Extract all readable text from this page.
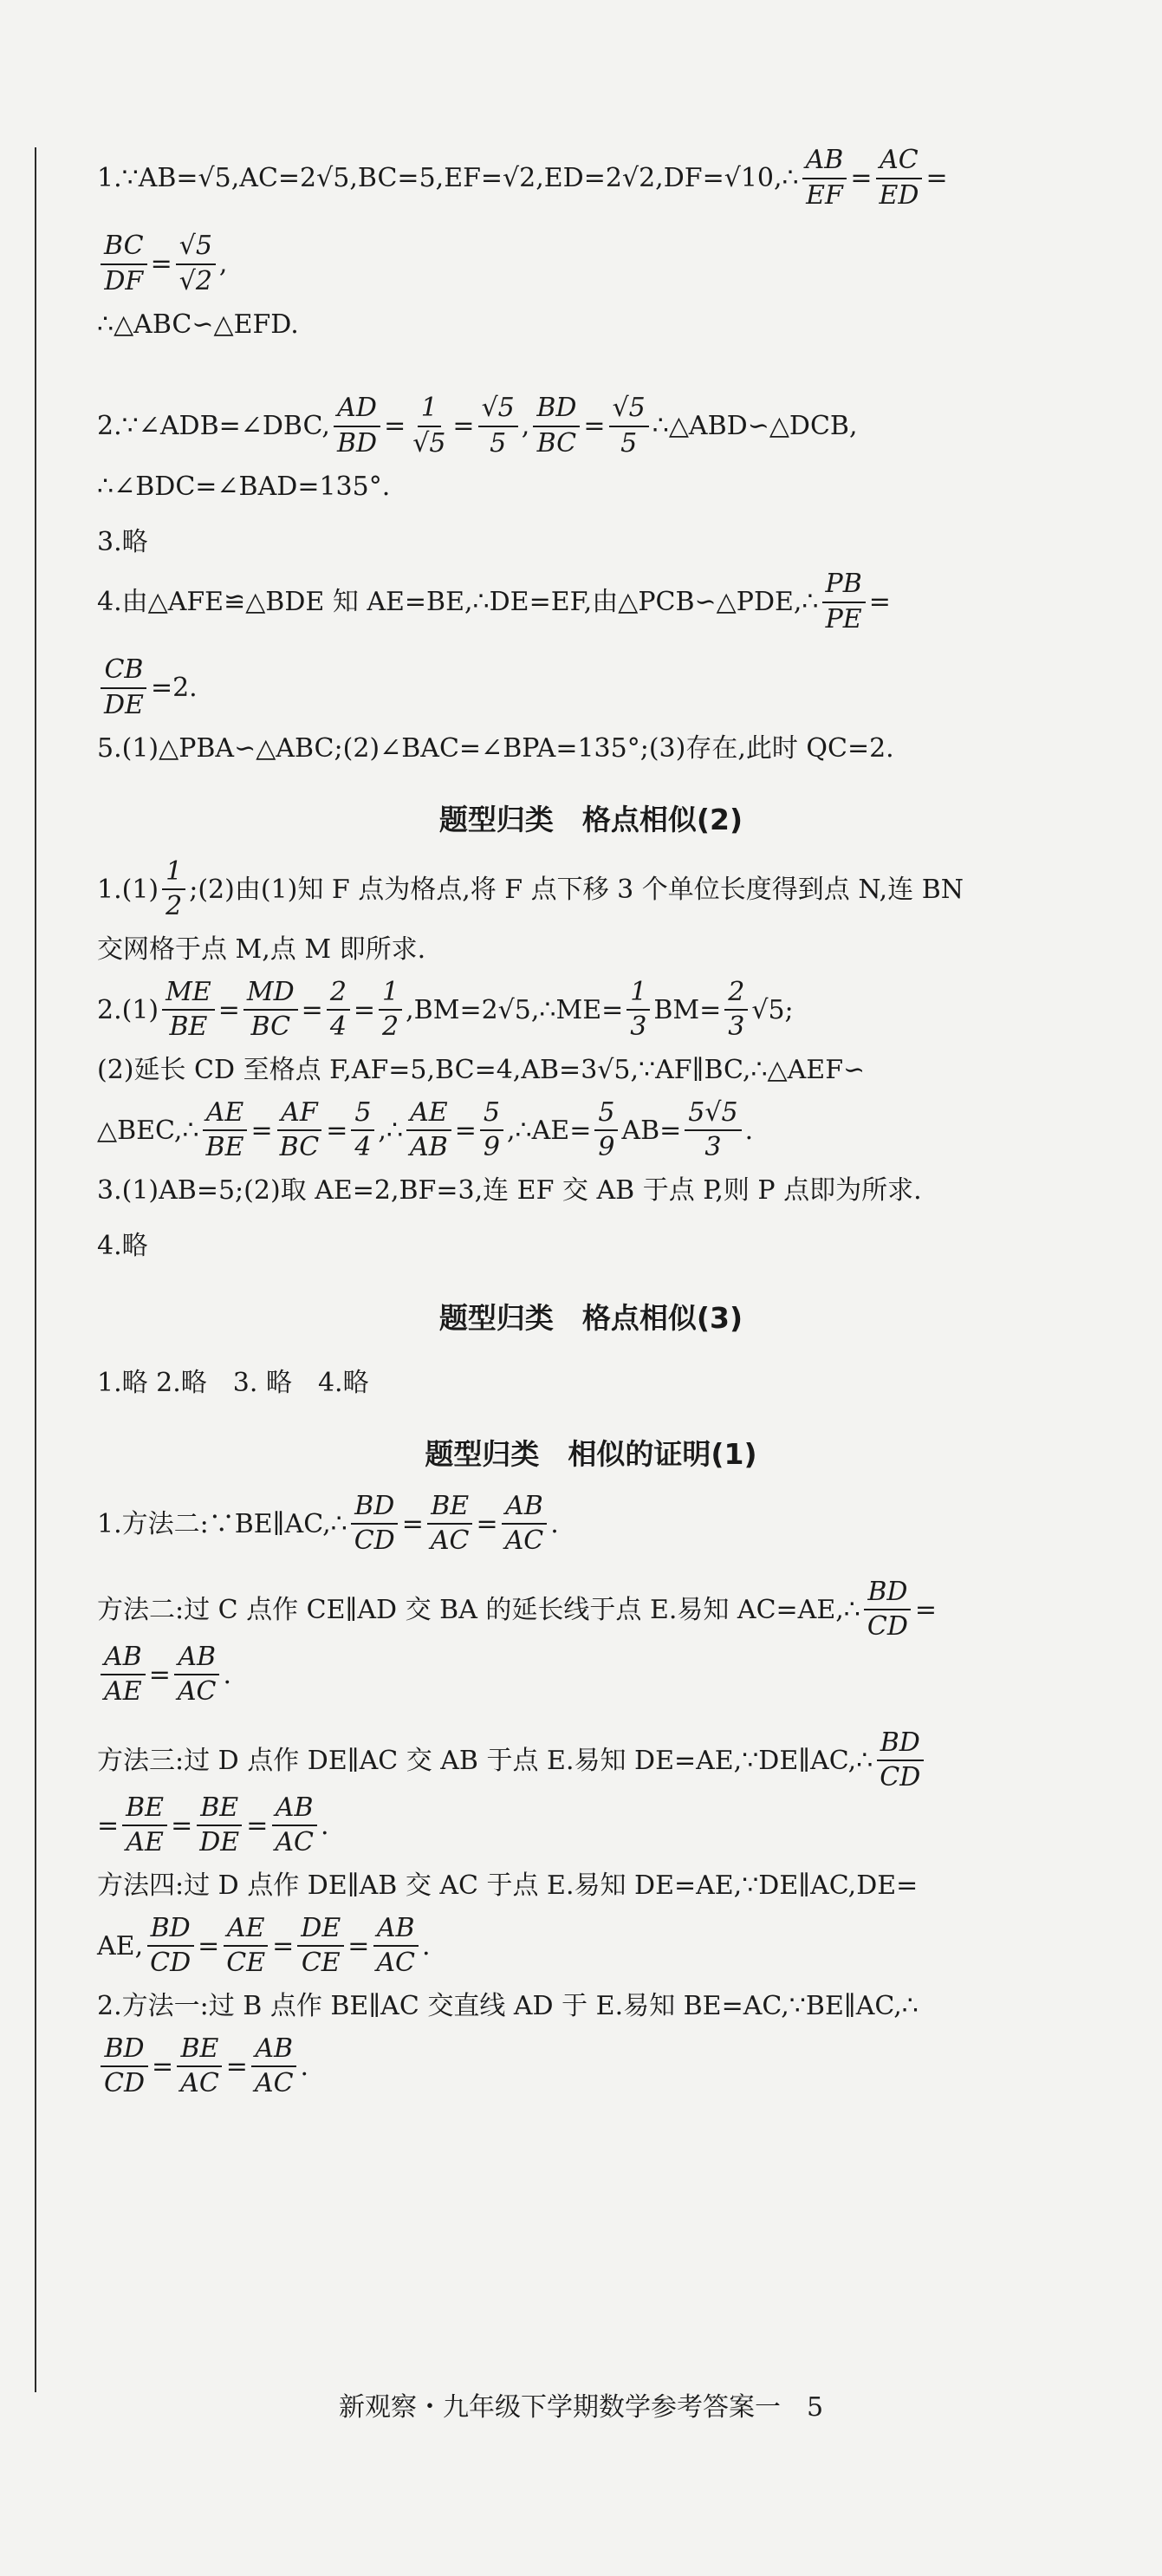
1.∵AB=√5,AC=2√5,BC=5,EF=√2,ED=2√2,DF=√10,∴ $\frac{AB}{EF} = \frac{AC}{ED}$ =
$\frac{BC}{DF} = \frac{√5}{√2}$ ,
∴△ABC∽△EFD.
2.∵∠ADB=∠DBC, $\frac{AD}{BD} = \frac{1}{√5} = \frac{√5}{5}$ , $\frac{BD}{BC} = \frac{√5}{5}$ ∴△ABD∽△DCB,
∴∠BDC=∠BAD=135°.
3.略
4.由△AFE≌△BDE 知 AE=BE,∴DE=EF,由△PCB∽△PDE,∴ $\frac{PB}{PE}$ =
$\frac{CB}{DE} =2$.
5.(1)△PBA∽△ABC;(2)∠BAC=∠BPA=135°;(3)存在,此时 QC=2.
题型归类　格点相似(2)
$1.(1) \frac{1}{2}$ ;(2)由(1)知 F 点为格点,将 F 点下移 3 个单位长度得到点 N,连 BN
交网格于点 M,点 M 即所求.
$2.(1) \frac{ME}{BE} = \frac{MD}{BC} = \frac{2}{4} = \frac{1}{2}$ ,BM=2√5,∴ME= $\frac{1}{3} BM= \frac{2}{3} √5$;
(2)延长 CD 至格点 F,AF=5,BC=4,AB=3√5,∵AF∥BC,∴△AEF∽
△BEC,∴ $\frac{AE}{BE} = \frac{AF}{BC} = \frac{5}{4}$ ,∴ $\frac{AE}{AB} = \frac{5}{9}$ ,∴AE= $\frac{5}{9} AB= \frac{5√5}{3}$ .
3.(1)AB=5;(2)取 AE=2,BF=3,连 EF 交 AB 于点 P,则 P 点即为所求.
4.略
题型归类　格点相似(3)
1.略 2.略　3. 略　4.略
题型归类　相似的证明(1)
1.方法二:∵BE∥AC,∴ $\frac{BD}{CD} = \frac{BE}{AC} = \frac{AB}{AC}$ .
方法二:过 C 点作 CE∥AD 交 BA 的延长线于点 E.易知 AC=AE,∴ $\frac{BD}{CD}$ =
$\frac{AB}{AE} = \frac{AB}{AC}$ .
方法三:过 D 点作 DE∥AC 交 AB 于点 E.易知 DE=AE,∵DE∥AC,∴ $\frac{BD}{CD}$
= $\frac{BE}{AE} = \frac{BE}{DE} = \frac{AB}{AC}$ .
方法四:过 D 点作 DE∥AB 交 AC 于点 E.易知 DE=AE,∵DE∥AC,DE=
AE, $\frac{BD}{CD} = \frac{AE}{CE} = \frac{DE}{CE} = \frac{AB}{AC}$ .
2.方法一:过 B 点作 BE∥AC 交直线 AD 于 E.易知 BE=AC,∵BE∥AC,∴
$\frac{BD}{CD} = \frac{BE}{AC} = \frac{AB}{AC}$ .
新观察・九年级下学期数学参考答案一　5
